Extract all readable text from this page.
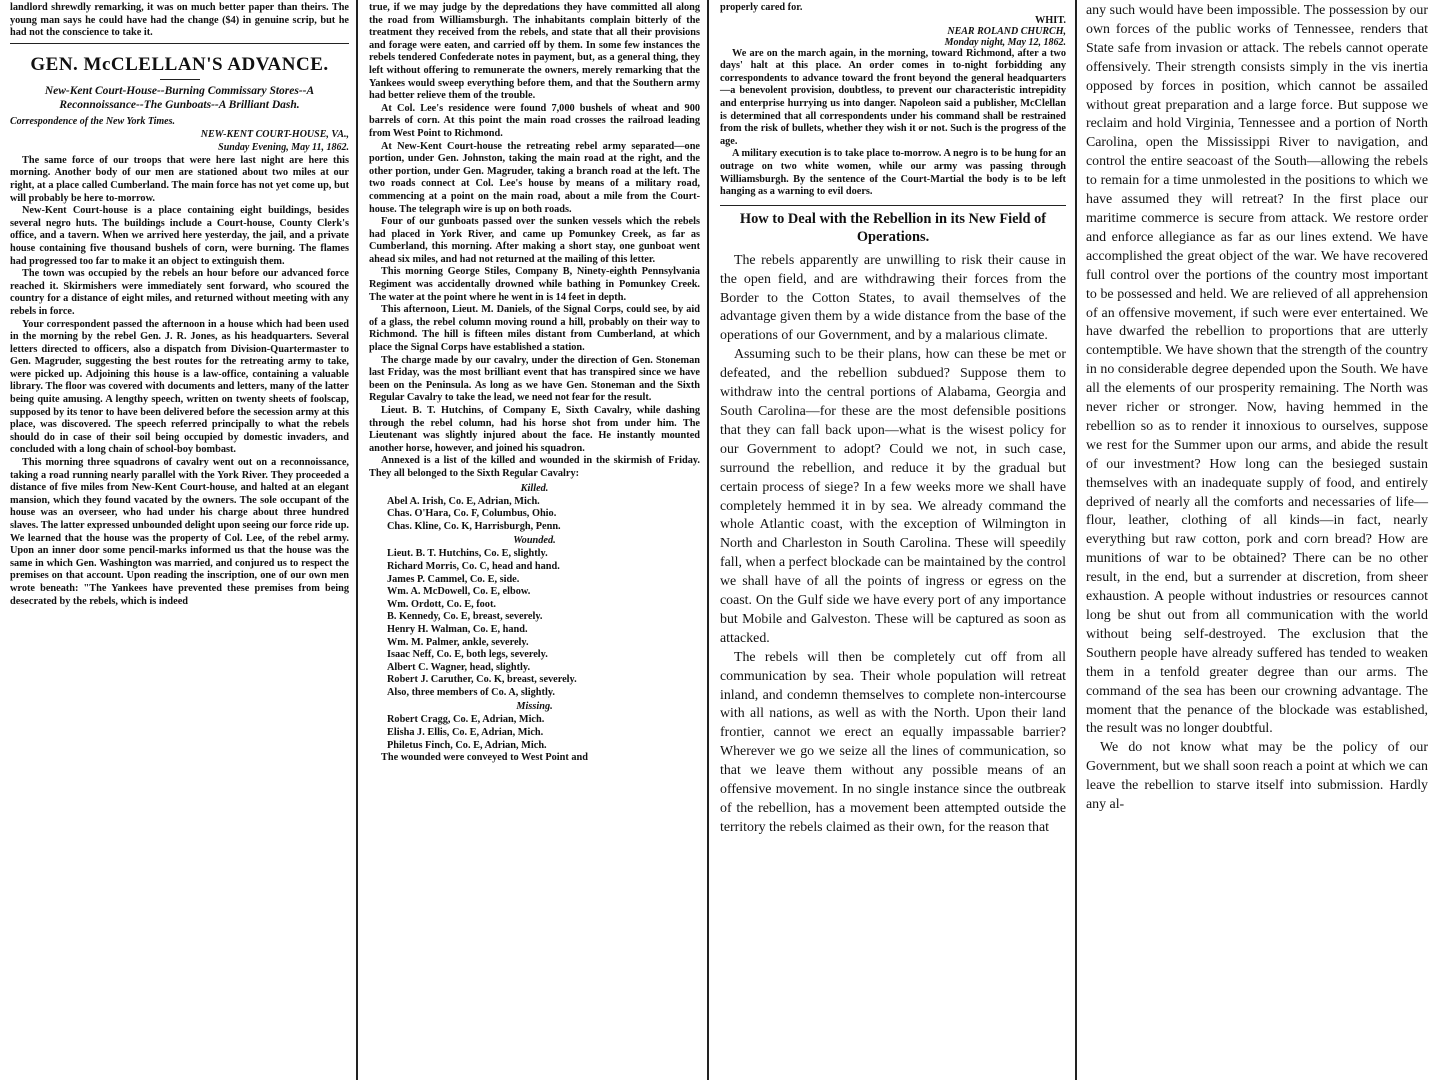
landlord shrewdly remarking, it was on much better paper than theirs. The young man says he could have had the change ($4) in genuine scrip, but he had not the conscience to take it.

GEN. McCLELLAN'S ADVANCE.
New-Kent Court-House--Burning Commissary Stores--A Reconnoissance--The Gunboats--A Brilliant Dash.
Correspondence of the New York Times.
NEW-KENT COURT-HOUSE, VA.,
Sunday Evening, May 11, 1862.

The same force of our troops that were here last night are here this morning. Another body of our men are stationed about two miles at our right, at a place called Cumberland. The main force has not yet come up, but will probably be here to-morrow.

New-Kent Court-house is a place containing eight buildings, besides several negro huts. The buildings include a Court-house, County Clerk's office, and a tavern. When we arrived here yesterday, the jail, and a private house containing five thousand bushels of corn, were burning. The flames had progressed too far to make it an object to extinguish them.

The town was occupied by the rebels an hour before our advanced force reached it. Skirmishers were immediately sent forward, who scoured the country for a distance of eight miles, and returned without meeting with any rebels in force.

Your correspondent passed the afternoon in a house which had been used in the morning by the rebel Gen. J. R. Jones, as his headquarters. Several letters directed to officers, also a dispatch from Division-Quartermaster to Gen. Magruder, suggesting the best routes for the retreating army to take, were picked up. Adjoining this house is a law-office, containing a valuable library. The floor was covered with documents and letters, many of the latter being quite amusing. A lengthy speech, written on twenty sheets of foolscap, supposed by its tenor to have been delivered before the secession army at this place, was discovered. The speech referred principally to what the rebels should do in case of their soil being occupied by domestic invaders, and concluded with a long chain of school-boy bombast.

This morning three squadrons of cavalry went out on a reconnoissance, taking a road running nearly parallel with the York River. They proceeded a distance of five miles from New-Kent Court-house, and halted at an elegant mansion, which they found vacated by the owners. The sole occupant of the house was an overseer, who had under his charge about three hundred slaves. The latter expressed unbounded delight upon seeing our force ride up. We learned that the house was the property of Col. Lee, of the rebel army. Upon an inner door some pencil-marks informed us that the house was the same in which Gen. Washington was married, and conjured us to respect the premises on that account. Upon reading the inscription, one of our own men wrote beneath: "The Yankees have prevented these premises from being desecrated by the rebels, which is indeed

true, if we may judge by the depredations they have committed all along the road from Williamsburgh. The inhabitants complain bitterly of the treatment they received from the rebels, and state that all their provisions and forage were eaten, and carried off by them. In some few instances the rebels tendered Confederate notes in payment, but, as a general thing, they left without offering to remunerate the owners, merely remarking that the Yankees would sweep everything before them, and that the Southern army had better relieve them of the trouble.

At Col. Lee's residence were found 7,000 bushels of wheat and 900 barrels of corn. At this point the main road crosses the railroad leading from West Point to Richmond.

At New-Kent Court-house the retreating rebel army separated—one portion, under Gen. Johnston, taking the main road at the right, and the other portion, under Gen. Magruder, taking a branch road at the left. The two roads connect at Col. Lee's house by means of a military road, commencing at a point on the main road, about a mile from the Court-house. The telegraph wire is up on both roads.

Four of our gunboats passed over the sunken vessels which the rebels had placed in York River, and came up Pomunkey Creek, as far as Cumberland, this morning. After making a short stay, one gunboat went ahead six miles, and had not returned at the mailing of this letter.

This morning George Stiles, Company B, Ninety-eighth Pennsylvania Regiment was accidentally drowned while bathing in Pomunkey Creek. The water at the point where he went in is 14 feet in depth.

This afternoon, Lieut. M. Daniels, of the Signal Corps, could see, by aid of a glass, the rebel column moving round a hill, probably on their way to Richmond. The hill is fifteen miles distant from Cumberland, at which place the Signal Corps have established a station.

The charge made by our cavalry, under the direction of Gen. Stoneman last Friday, was the most brilliant event that has transpired since we have been on the Peninsula. As long as we have Gen. Stoneman and the Sixth Regular Cavalry to take the lead, we need not fear for the result.

Lieut. B. T. Hutchins, of Company E, Sixth Cavalry, while dashing through the rebel column, had his horse shot from under him. The Lieutenant was slightly injured about the face. He instantly mounted another horse, however, and joined his squadron.

Annexed is a list of the killed and wounded in the skirmish of Friday. They all belonged to the Sixth Regular Cavalry:

Killed.
Abel A. Irish, Co. E, Adrian, Mich.
Chas. O'Hara, Co. F, Columbus, Ohio.
Chas. Kline, Co. K, Harrisburgh, Penn.
Wounded.
Lieut. B. T. Hutchins, Co. E, slightly.
Richard Morris, Co. C, head and hand.
James P. Cammel, Co. E, side.
Wm. A. McDowell, Co. E, elbow.
Wm. Ordott, Co. E, foot.
B. Kennedy, Co. E, breast, severely.
Henry H. Walman, Co. E, hand.
Wm. M. Palmer, ankle, severely.
Isaac Neff, Co. E, both legs, severely.
Albert C. Wagner, head, slightly.
Robert J. Caruther, Co. K, breast, severely.
Also, three members of Co. A, slightly.
Missing.
Robert Cragg, Co. E, Adrian, Mich.
Elisha J. Ellis, Co. E, Adrian, Mich.
Philetus Finch, Co. E, Adrian, Mich.

The wounded were conveyed to West Point and

properly cared for.

WHIT.
NEAR ROLAND CHURCH,
Monday night, May 12, 1862.

We are on the march again, in the morning, toward Richmond, after a two days' halt at this place. An order comes in to-night forbidding any correspondents to advance toward the front beyond the general headquarters—a benevolent provision, doubtless, to prevent our characteristic intrepidity and enterprise hurrying us into danger. Napoleon said a publisher, McClellan is determined that all correspondents under his command shall be restrained from the risk of bullets, whether they wish it or not. Such is the progress of the age.

A military execution is to take place to-morrow. A negro is to be hung for an outrage on two white women, while our army was passing through Williamsburgh. By the sentence of the Court-Martial the body is to be left hanging as a warning to evil doers.

How to Deal with the Rebellion in its New Field of Operations.

The rebels apparently are unwilling to risk their cause in the open field, and are withdrawing their forces from the Border to the Cotton States, to avail themselves of the advantage given them by a wide distance from the base of the operations of our Government, and by a malarious climate.

Assuming such to be their plans, how can these be met or defeated, and the rebellion subdued? Suppose them to withdraw into the central portions of Alabama, Georgia and South Carolina—for these are the most defensible positions that they can fall back upon—what is the wisest policy for our Government to adopt? Could we not, in such case, surround the rebellion, and reduce it by the gradual but certain process of siege? In a few weeks more we shall have completely hemmed it in by sea. We already command the whole Atlantic coast, with the exception of Wilmington in North and Charleston in South Carolina. These will speedily fall, when a perfect blockade can be maintained by the control we shall have of all the points of ingress or egress on the coast. On the Gulf side we have every port of any importance but Mobile and Galveston. These will be captured as soon as attacked.

The rebels will then be completely cut off from all communication by sea. Their whole population will retreat inland, and condemn themselves to complete non-intercourse with all nations, as well as with the North. Upon their land frontier, cannot we erect an equally impassable barrier? Wherever we go we seize all the lines of communication, so that we leave them without any possible means of an offensive movement. In no single instance since the outbreak of the rebellion, has a movement been attempted outside the territory the rebels claimed as their own, for the reason that

any such would have been impossible. The possession by our own forces of the public works of Tennessee, renders that State safe from invasion or attack. The rebels cannot operate offensively. Their strength consists simply in the vis inertia opposed by forces in position, which cannot be assailed without great preparation and a large force. But suppose we reclaim and hold Virginia, Tennessee and a portion of North Carolina, open the Mississippi River to navigation, and control the entire seacoast of the South—allowing the rebels to remain for a time unmolested in the positions to which we have assumed they will retreat? In the first place our maritime commerce is secure from attack. We restore order and enforce allegiance as far as our lines extend. We have accomplished the great object of the war. We have recovered full control over the portions of the country most important to be possessed and held. We are relieved of all apprehension of an offensive movement, if such were ever entertained. We have dwarfed the rebellion to proportions that are utterly contemptible. We have shown that the strength of the country in no considerable degree depended upon the South. We have all the elements of our prosperity remaining. The North was never richer or stronger. Now, having hemmed in the rebellion so as to render it innoxious to ourselves, suppose we rest for the Summer upon our arms, and abide the result of our investment? How long can the besieged sustain themselves with an inadequate supply of food, and entirely deprived of nearly all the comforts and necessaries of life—flour, leather, clothing of all kinds—in fact, nearly everything but raw cotton, pork and corn bread? How are munitions of war to be obtained? There can be no other result, in the end, but a surrender at discretion, from sheer exhaustion. A people without industries or resources cannot long be shut out from all communication with the world without being self-destroyed. The exclusion that the Southern people have already suffered has tended to weaken them in a tenfold greater degree than our arms. The command of the sea has been our crowning advantage. The moment that the penance of the blockade was established, the result was no longer doubtful.

We do not know what may be the policy of our Government, but we shall soon reach a point at which we can leave the rebellion to starve itself into submission. Hardly any al-
